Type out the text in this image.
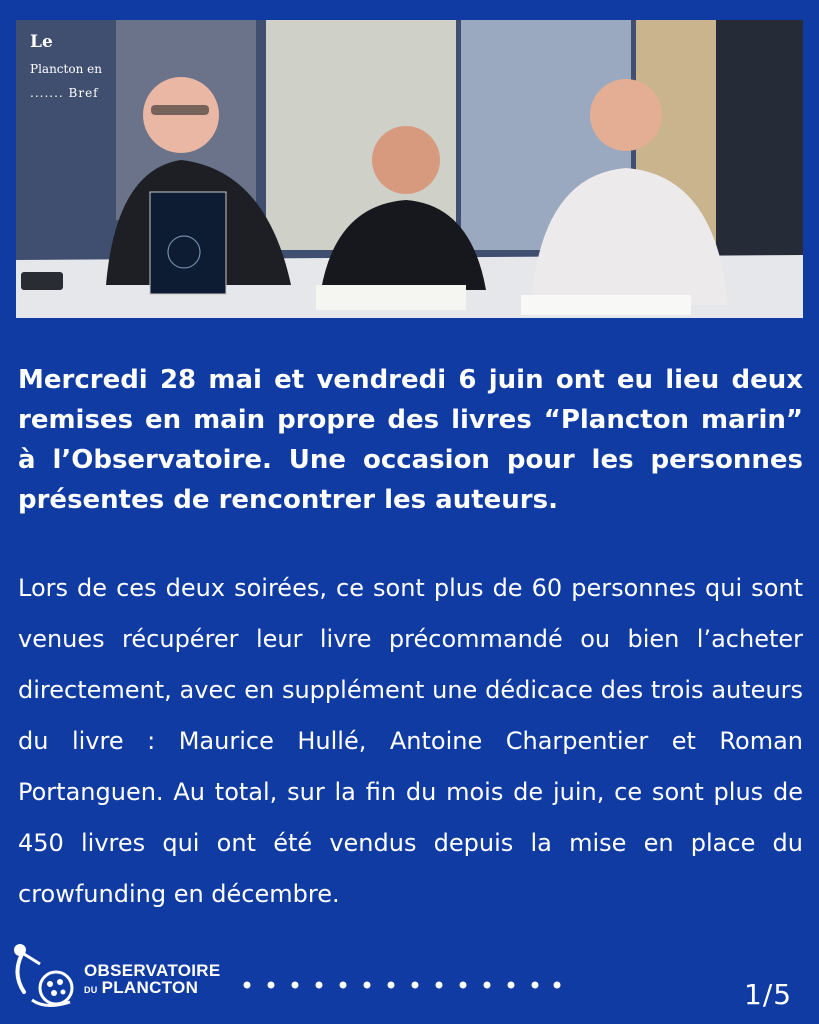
Le
Plancton en
....... Bref
Mercredi 28 mai et vendredi 6 juin ont eu lieu deux remises en main propre des livres “Plancton marin” à l’Observatoire. Une occasion pour les personnes présentes de rencontrer les auteurs.
Lors de ces deux soirées, ce sont plus de 60 personnes qui sont venues récupérer leur livre précommandé ou bien l’acheter directement, avec en supplément une dédicace des trois auteurs du livre : Maurice Hullé, Antoine Charpentier et Roman Portanguen. Au total, sur la fin du mois de juin, ce sont plus de 450 livres qui ont été vendus depuis la mise en place du crowfunding en décembre.
OBSERVATOIRE
DU PLANCTON	1/5
